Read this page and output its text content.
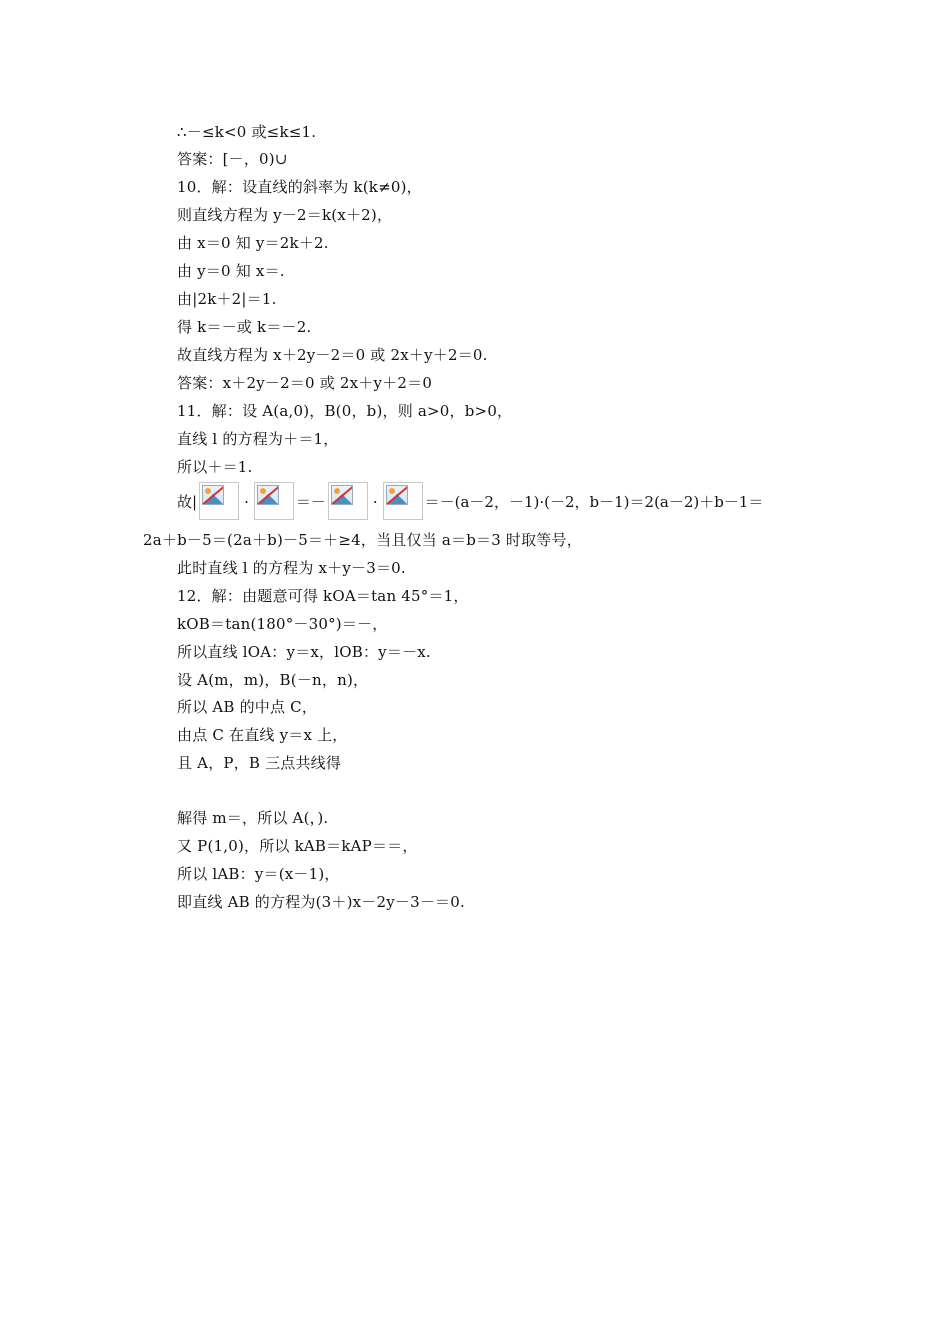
∴－≤k<0 或≤k≤1.
答案：[－，0)∪
10．解：设直线的斜率为 k(k≠0)，
则直线方程为 y－2＝k(x＋2)，
由 x＝0 知 y＝2k＋2.
由 y＝0 知 x＝.
由|2k＋2|＝1.
得 k＝－或 k＝－2.
故直线方程为 x＋2y－2＝0 或 2x＋y＋2＝0.
答案：x＋2y－2＝0 或 2x＋y＋2＝0
11．解：设 A(a,0)，B(0，b)，则 a>0，b>0，
直线 l 的方程为＋＝1，
所以＋＝1.
故|	·	＝－	·	＝－(a－2，－1)·(－2，b－1)＝2(a－2)＋b－1＝
2a＋b－5＝(2a＋b)－5＝＋≥4，当且仅当 a＝b＝3 时取等号，
此时直线 l 的方程为 x＋y－3＝0.
12．解：由题意可得 kOA＝tan 45°＝1，
kOB＝tan(180°－30°)＝－，
所以直线 lOA：y＝x，lOB：y＝－x.
设 A(m，m)，B(－n，n)，
所以 AB 的中点 C，
由点 C 在直线 y＝x 上，
且 A，P，B 三点共线得
解得 m＝，所以 A(，).
又 P(1,0)，所以 kAB＝kAP＝＝，
所以 lAB：y＝(x－1)，
即直线 AB 的方程为(3＋)x－2y－3－＝0.
